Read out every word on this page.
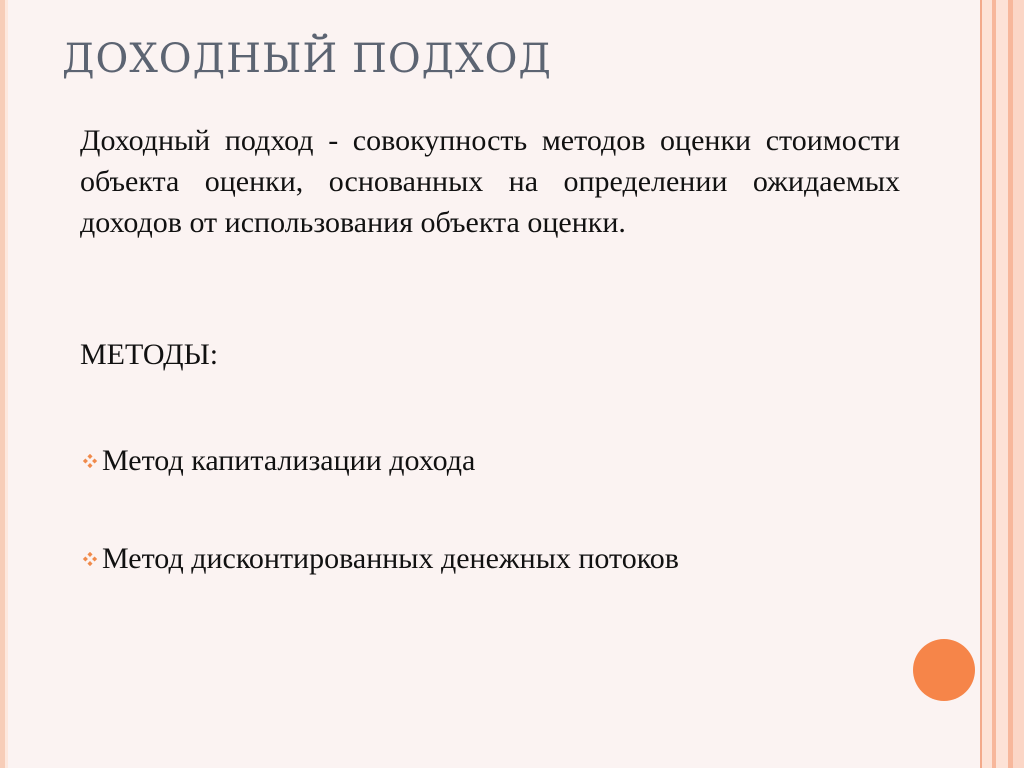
ДОХОДНЫЙ ПОДХОД

Доходный подход - совокупность методов оценки стоимости объекта оценки, основанных на определении ожидаемых доходов от использования объекта оценки.

МЕТОДЫ:
Метод капитализации дохода
Метод дисконтированных денежных потоков
